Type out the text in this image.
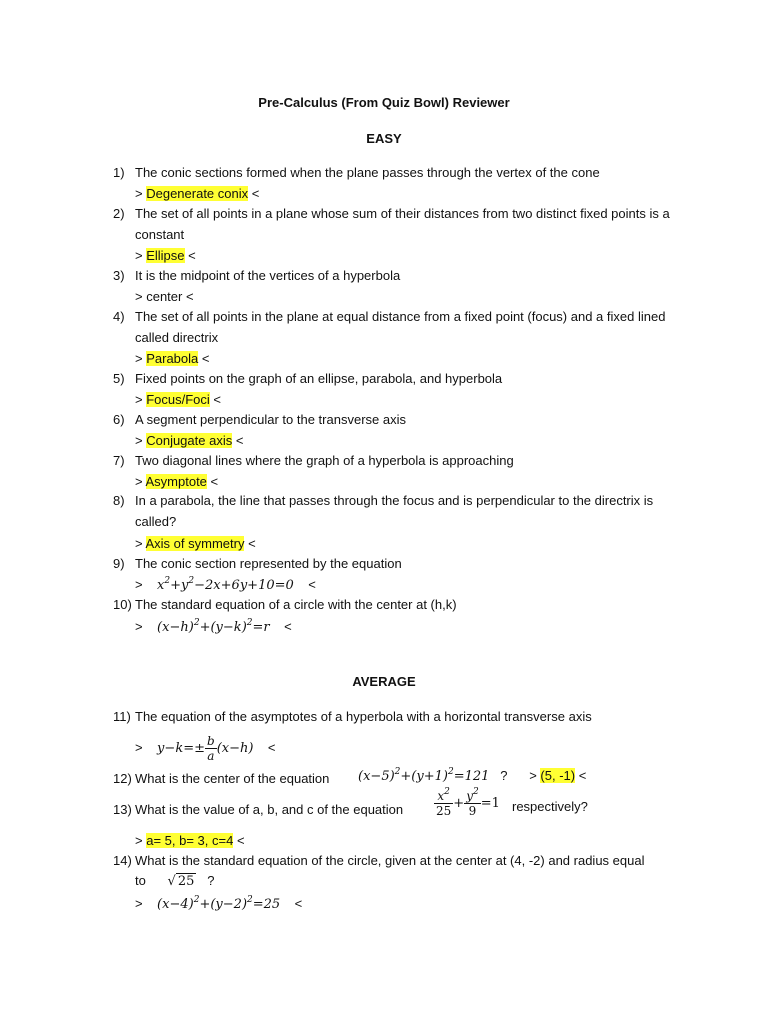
Pre-Calculus (From Quiz Bowl) Reviewer
EASY
1) The conic sections formed when the plane passes through the vertex of the cone
> Degenerate conix <
2) The set of all points in a plane whose sum of their distances from two distinct fixed points is a constant
> Ellipse <
3) It is the midpoint of the vertices of a hyperbola
> center <
4) The set of all points in the plane at equal distance from a fixed point (focus) and a fixed lined called directrix
> Parabola <
5) Fixed points on the graph of an ellipse, parabola, and hyperbola
> Focus/Foci <
6) A segment perpendicular to the transverse axis
> Conjugate axis <
7) Two diagonal lines where the graph of a hyperbola is approaching
> Asymptote <
8) In a parabola, the line that passes through the focus and is perpendicular to the directrix is called?
> Axis of symmetry <
9) The conic section represented by the equation
> $x^2+y^2-2x+6y+10=0$ <
10) The standard equation of a circle with the center at (h,k)
> $(x-h)^2+(y-k)^2=r$ <
AVERAGE
11) The equation of the asymptotes of a hyperbola with a horizontal transverse axis
> $y-k=\pm \frac{b}{a} (x-h)$ <
12) What is the center of the equation	$(x-5)^2+(y+1)^2=121$ ? > (5, -1) <
13) What is the value of a, b, and c of the equation	$\frac{x^2}{25} + \frac{y^2}{9} =1$ respectively?
> a= 5, b= 3, c=4 <
14) What is the standard equation of the circle, given at the center at (4, -2) and radius equal
to √ 25 ?
> $(x-4)^2+(y-2)^2=25$ <
